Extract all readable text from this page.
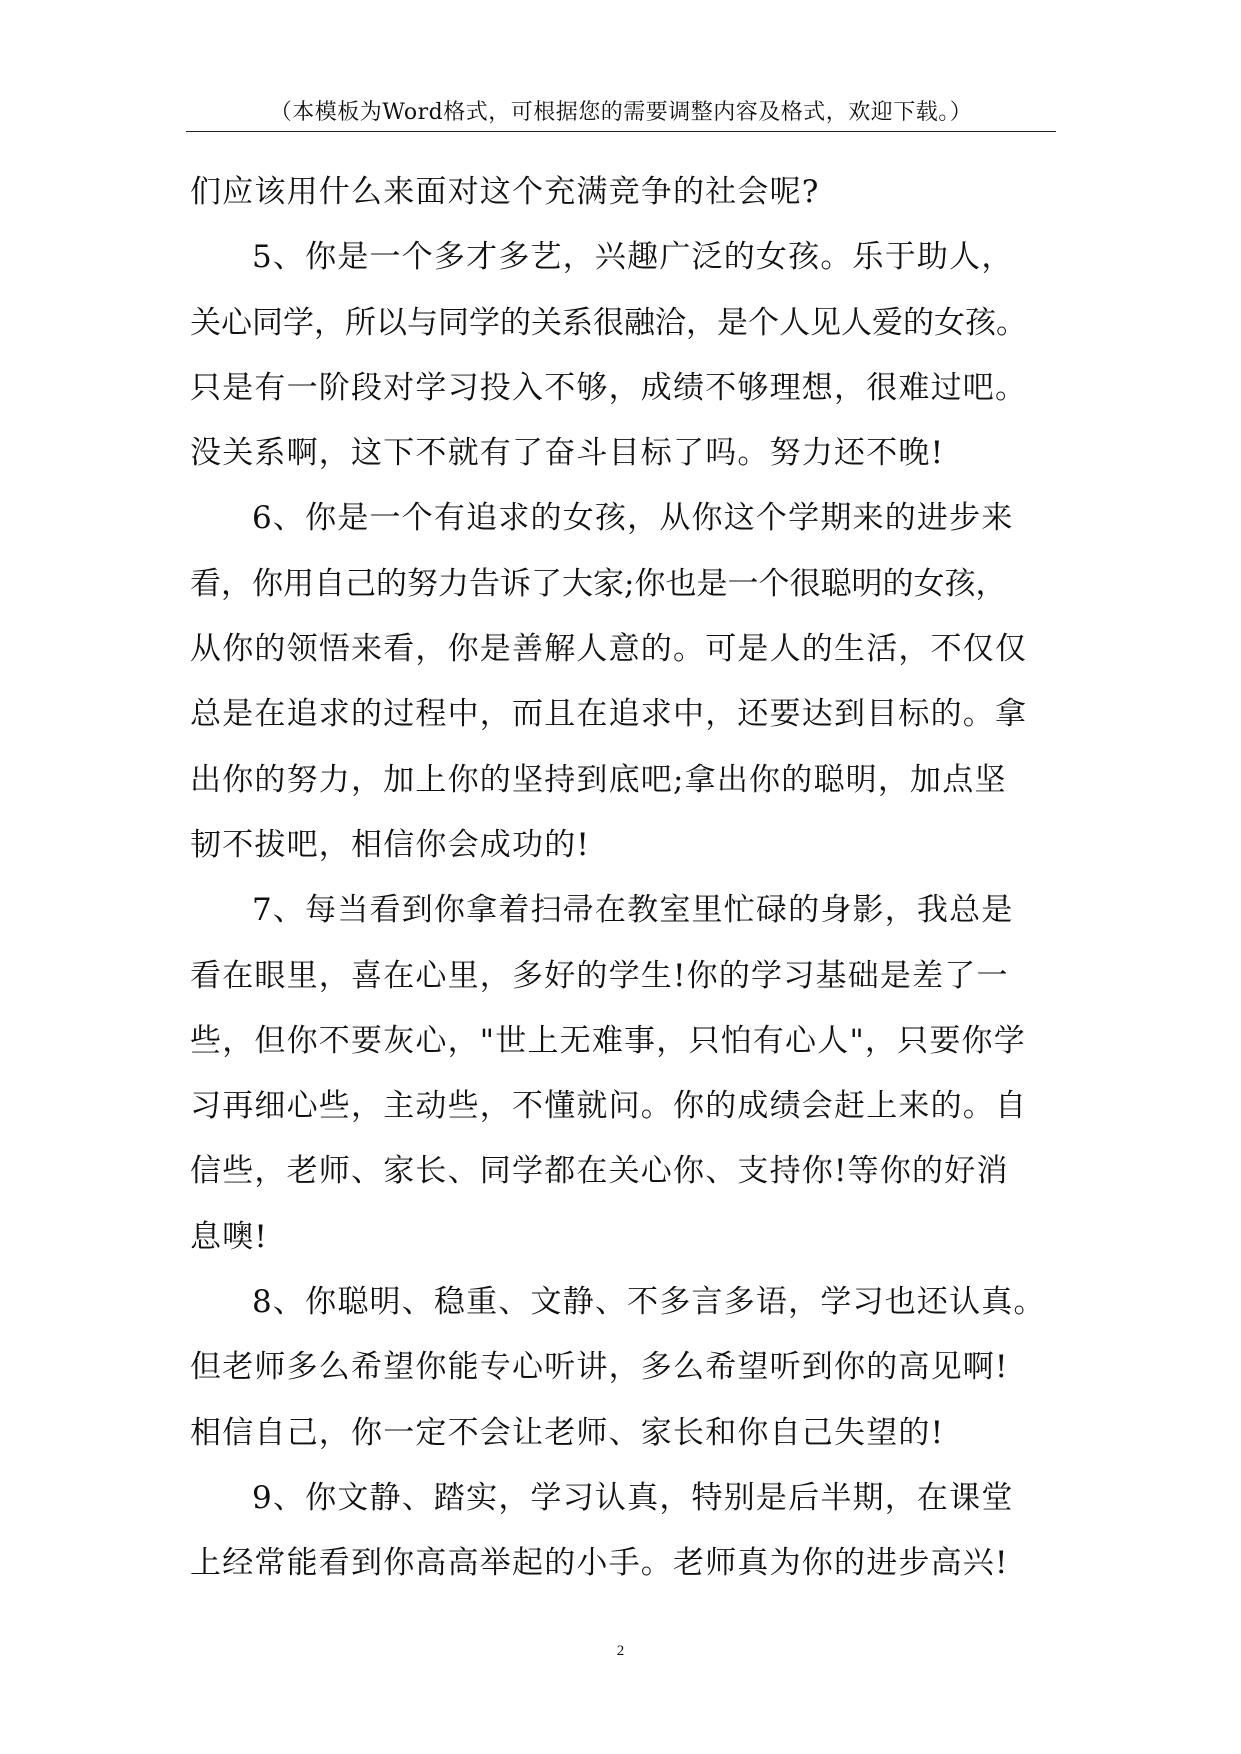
（本模板为Word格式，可根据您的需要调整内容及格式，欢迎下载。）
们应该用什么来面对这个充满竞争的社会呢?
5、你是一个多才多艺，兴趣广泛的女孩。乐于助人，
关心同学，所以与同学的关系很融洽，是个人见人爱的女孩。
只是有一阶段对学习投入不够，成绩不够理想，很难过吧。
没关系啊，这下不就有了奋斗目标了吗。努力还不晚!
6、你是一个有追求的女孩，从你这个学期来的进步来
看，你用自己的努力告诉了大家;你也是一个很聪明的女孩，
从你的领悟来看，你是善解人意的。可是人的生活，不仅仅
总是在追求的过程中，而且在追求中，还要达到目标的。拿
出你的努力，加上你的坚持到底吧;拿出你的聪明，加点坚
韧不拔吧，相信你会成功的!
7、每当看到你拿着扫帚在教室里忙碌的身影，我总是
看在眼里，喜在心里，多好的学生!你的学习基础是差了一
些，但你不要灰心，"世上无难事，只怕有心人"，只要你学
习再细心些，主动些，不懂就问。你的成绩会赶上来的。自
信些，老师、家长、同学都在关心你、支持你!等你的好消
息噢!
8、你聪明、稳重、文静、不多言多语，学习也还认真。
但老师多么希望你能专心听讲，多么希望听到你的高见啊!
相信自己，你一定不会让老师、家长和你自己失望的!
9、你文静、踏实，学习认真，特别是后半期，在课堂
上经常能看到你高高举起的小手。老师真为你的进步高兴!
2
